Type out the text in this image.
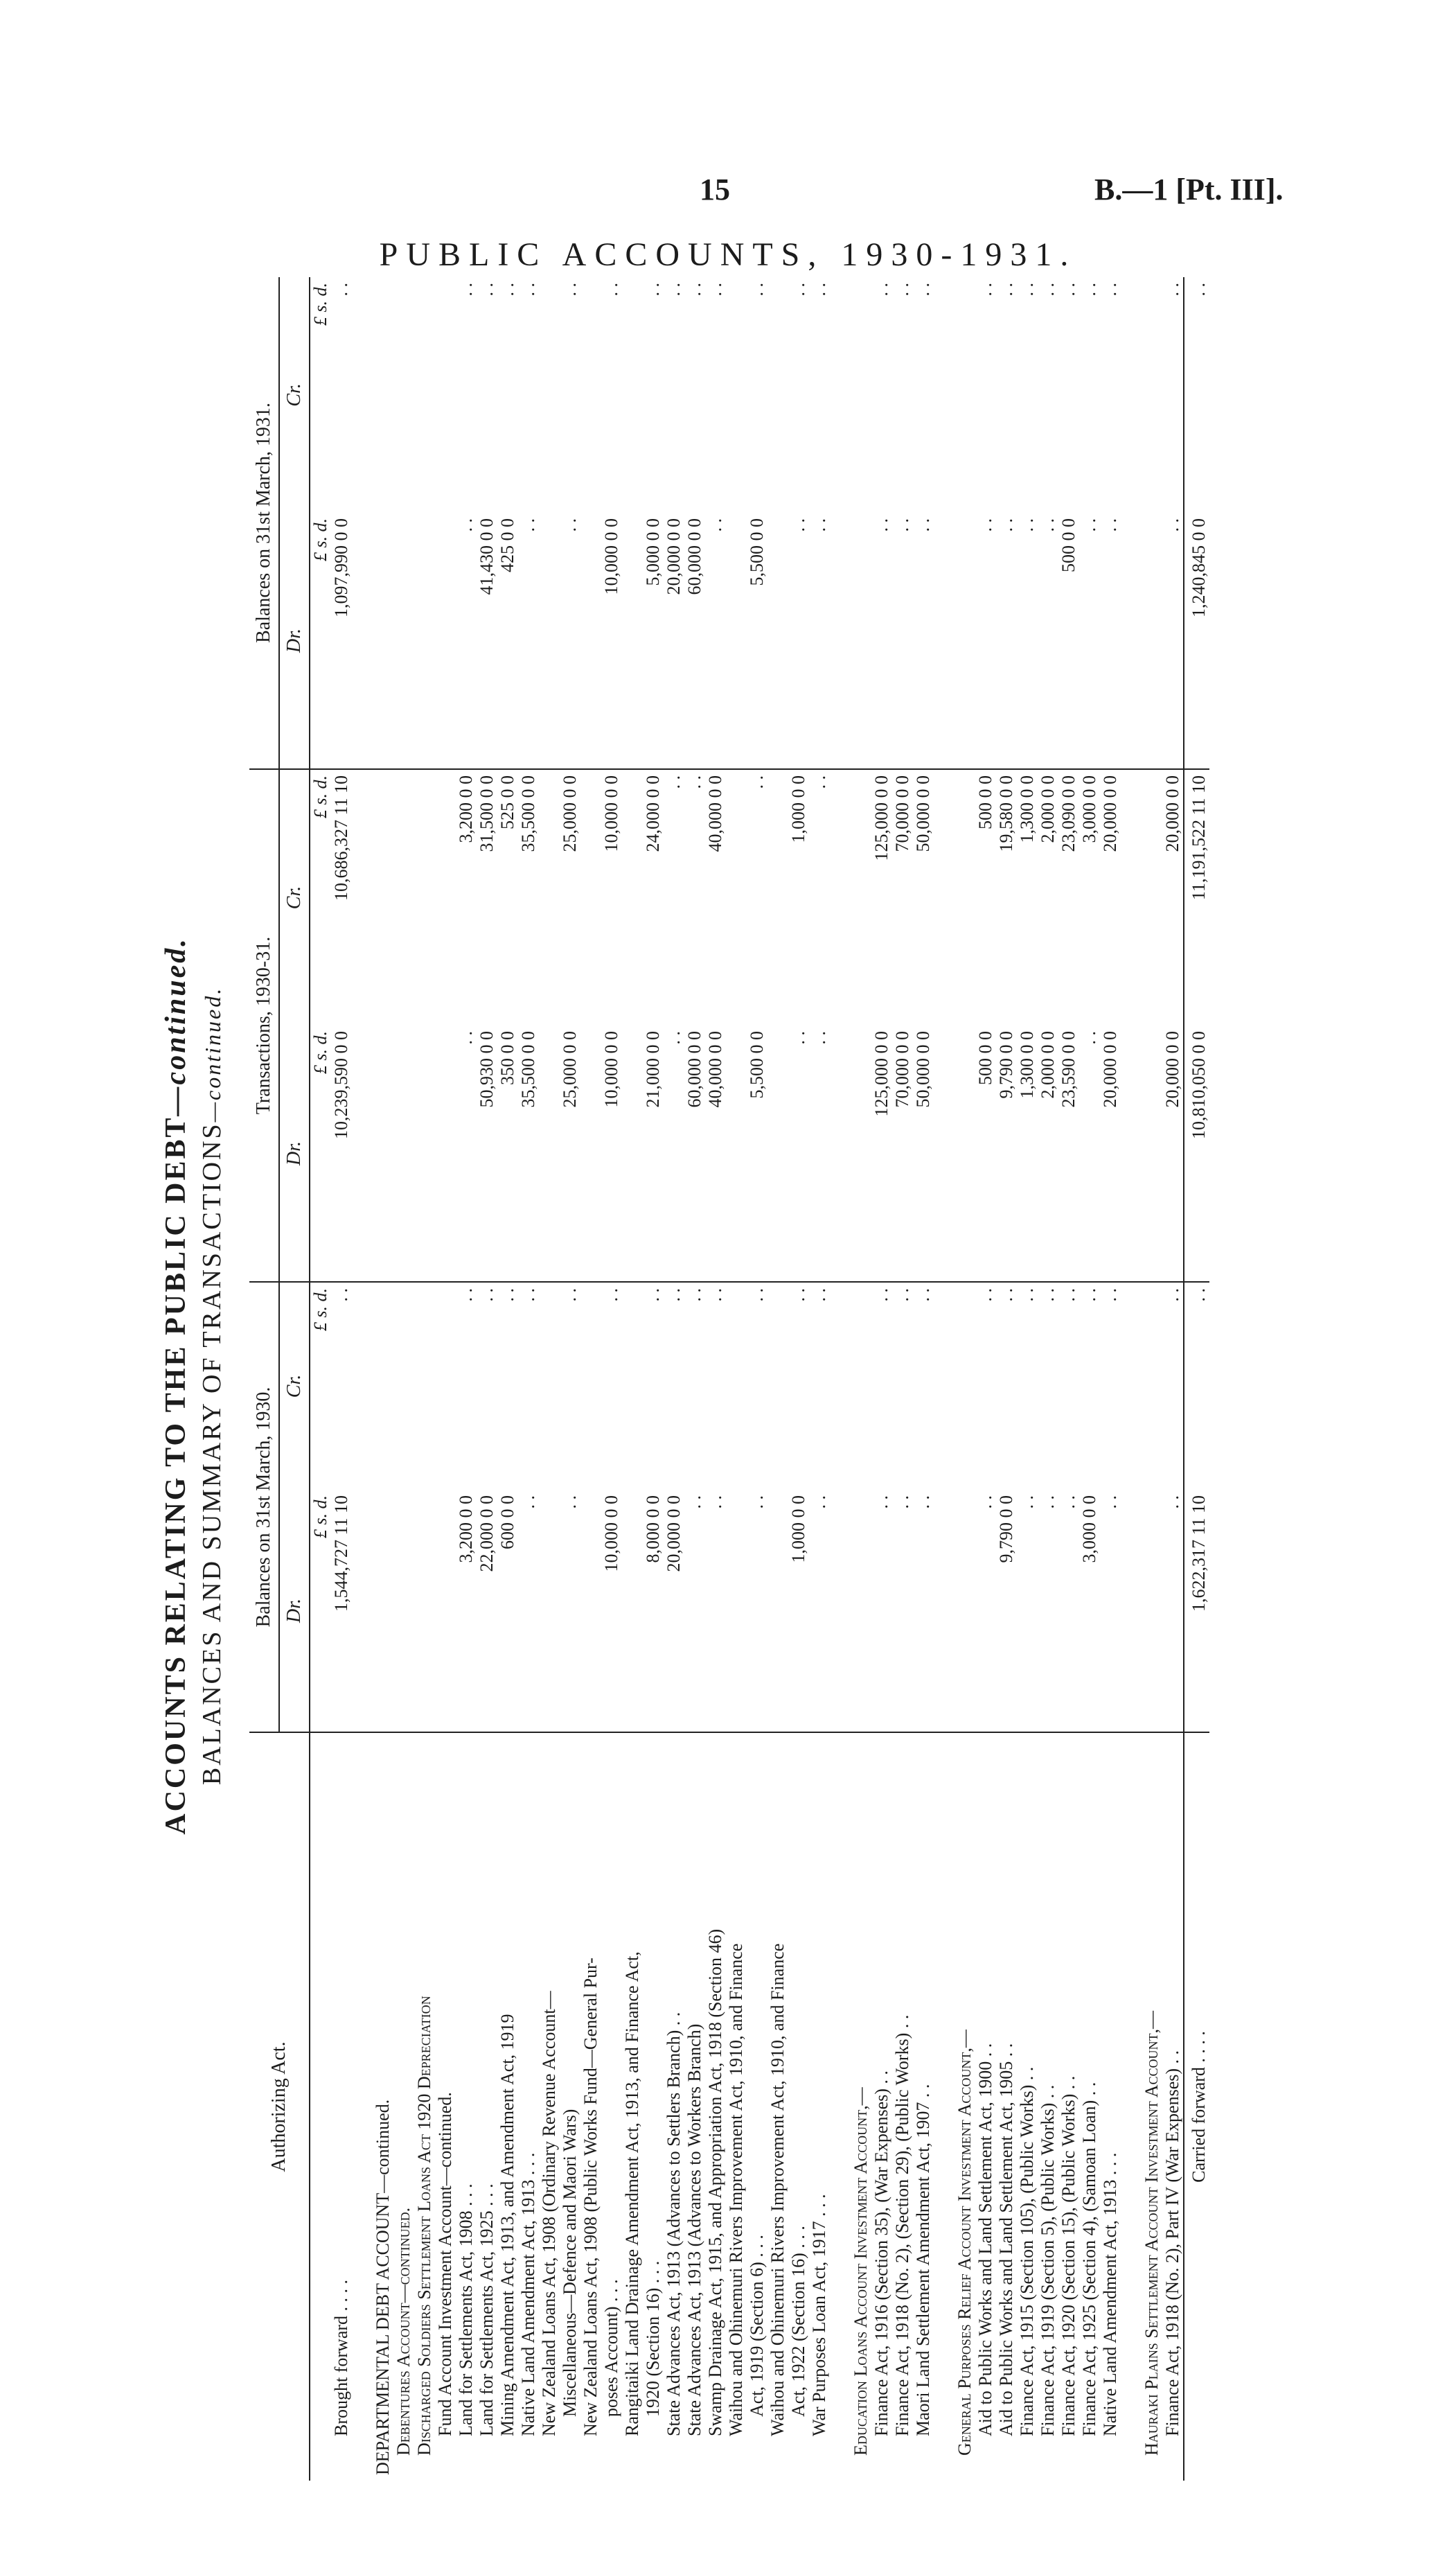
15	B.—1 [Pt. III].
PUBLIC ACCOUNTS, 1930-1931.
ACCOUNTS RELATING TO THE PUBLIC DEBT—continued.
BALANCES AND SUMMARY OF TRANSACTIONS—continued.
Authorizing Act.	Balances on 31st March, 1930.		Transactions, 1930-31.		Balances on 31st March, 1931.	
	Dr.	Cr.	Dr.	Cr.	Dr.	Cr.
	£ s. d.	£ s. d.	£ s. d.	£ s. d.	£ s. d.	£ s. d.
Brought forward . . . .	1,544,727 11 10	. .	10,239,590 0 0	10,686,327 11 10	1,097,990 0 0	. .

DEPARTMENTAL DEBT ACCOUNT—continued.						
Debentures Account—continued.						
Discharged Soldiers Settlement Loans Act 1920 Depreciation						
Fund Account Investment Account—continued.						
Land for Settlements Act, 1908 . . .	3,200 0 0	. .	. .	3,200 0 0	. .	. .
Land for Settlements Act, 1925 . . .	22,000 0 0	. .	50,930 0 0	31,500 0 0	41,430 0 0	. .
Mining Amendment Act, 1913, and Amendment Act, 1919	600 0 0	. .	350 0 0	525 0 0	425 0 0	. .
Native Land Amendment Act, 1913 . . .	. .	. .	35,500 0 0	35,500 0 0	. .	. .
New Zealand Loans Act, 1908 (Ordinary Revenue Account—						
Miscellaneous—Defence and Maori Wars)	. .	. .	25,000 0 0	25,000 0 0	. .	. .
New Zealand Loans Act, 1908 (Public Works Fund—General Pur-						
poses Account) . . .	10,000 0 0	. .	10,000 0 0	10,000 0 0	10,000 0 0	. .
Rangitaiki Land Drainage Amendment Act, 1913, and Finance Act,						
1920 (Section 16) . . .	8,000 0 0	. .	21,000 0 0	24,000 0 0	5,000 0 0	. .
State Advances Act, 1913 (Advances to Settlers Branch) . .	20,000 0 0	. .	. .	. .	20,000 0 0	. .
State Advances Act, 1913 (Advances to Workers Branch)	. .	. .	60,000 0 0	. .	60,000 0 0	. .
Swamp Drainage Act, 1915, and Appropriation Act, 1918 (Section 46)	. .	. .	40,000 0 0	40,000 0 0	. .	. .
Waihou and Ohinemuri Rivers Improvement Act, 1910, and Finance						
Act, 1919 (Section 6) . . .	. .	. .	5,500 0 0	. .	5,500 0 0	. .
Waihou and Ohinemuri Rivers Improvement Act, 1910, and Finance						
Act, 1922 (Section 16) . . .	1,000 0 0	. .	. .	1,000 0 0	. .	. .
War Purposes Loan Act, 1917 . . .	. .	. .	. .	. .	. .	. .

Education Loans Account Investment Account,—						
Finance Act, 1916 (Section 35), (War Expenses) . .	. .	. .	125,000 0 0	125,000 0 0	. .	. .
Finance Act, 1918 (No. 2), (Section 29), (Public Works) . .	. .	. .	70,000 0 0	70,000 0 0	. .	. .
Maori Land Settlement Amendment Act, 1907 . .	. .	. .	50,000 0 0	50,000 0 0	. .	. .

General Purposes Relief Account Investment Account,—						
Aid to Public Works and Land Settlement Act, 1900 . .	. .	. .	500 0 0	500 0 0	. .	. .
Aid to Public Works and Land Settlement Act, 1905 . .	9,790 0 0	. .	9,790 0 0	19,580 0 0	. .	. .
Finance Act, 1915 (Section 105), (Public Works) . .	. .	. .	1,300 0 0	1,300 0 0	. .	. .
Finance Act, 1919 (Section 5), (Public Works) . .	. .	. .	2,000 0 0	2,000 0 0	. .	. .
Finance Act, 1920 (Section 15), (Public Works) . .	. .	. .	23,590 0 0	23,090 0 0	500 0 0	. .
Finance Act, 1925 (Section 4), (Samoan Loan) . .	3,000 0 0	. .	. .	3,000 0 0	. .	. .
Native Land Amendment Act, 1913 . . .	. .	. .	20,000 0 0	20,000 0 0	. .	. .

Hauraki Plains Settlement Account Investment Account,—						
Finance Act, 1918 (No. 2), Part IV (War Expenses) . .	. .	. .	20,000 0 0	20,000 0 0	. .	. .
Carried forward . . . .	1,622,317 11 10	. .	10,810,050 0 0	11,191,522 11 10	1,240,845 0 0	. .
